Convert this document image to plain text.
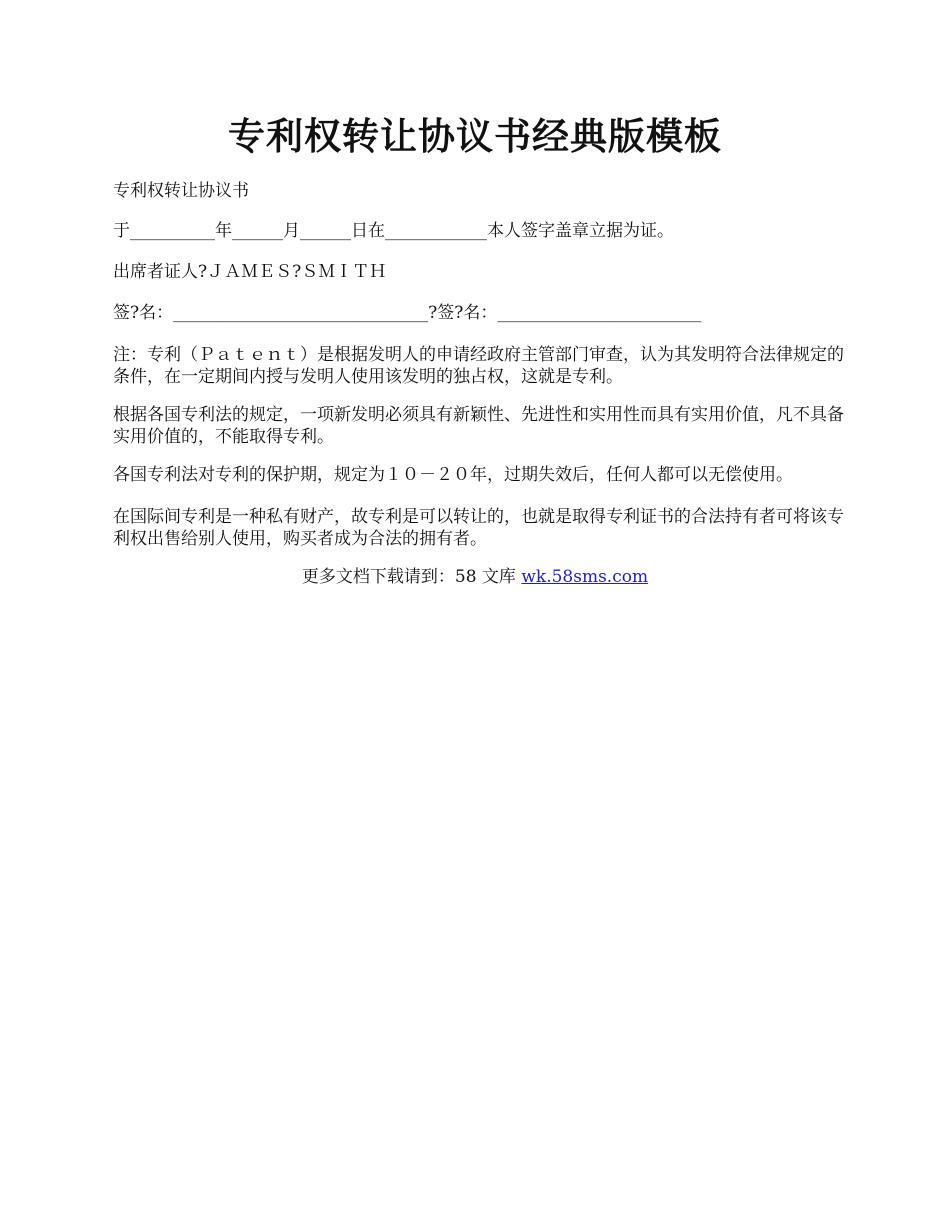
专利权转让协议书经典版模板

专利权转让协议书

于__________年______月______日在____________本人签字盖章立据为证。

出席者证人?ＪＡＭＥＳ?ＳＭＩＴＨ

签?名：______________________________?签?名：________________________

注：专利（Ｐａｔｅｎｔ）是根据发明人的申请经政府主管部门审查，认为其发明符合法律规定的条件，在一定期间内授与发明人使用该发明的独占权，这就是专利。

根据各国专利法的规定，一项新发明必须具有新颖性、先进性和实用性而具有实用价值，凡不具备实用价值的，不能取得专利。

各国专利法对专利的保护期，规定为１０－２０年，过期失效后，任何人都可以无偿使用。

在国际间专利是一种私有财产，故专利是可以转让的，也就是取得专利证书的合法持有者可将该专利权出售给别人使用，购买者成为合法的拥有者。

更多文档下载请到：58 文库 wk.58sms.com
